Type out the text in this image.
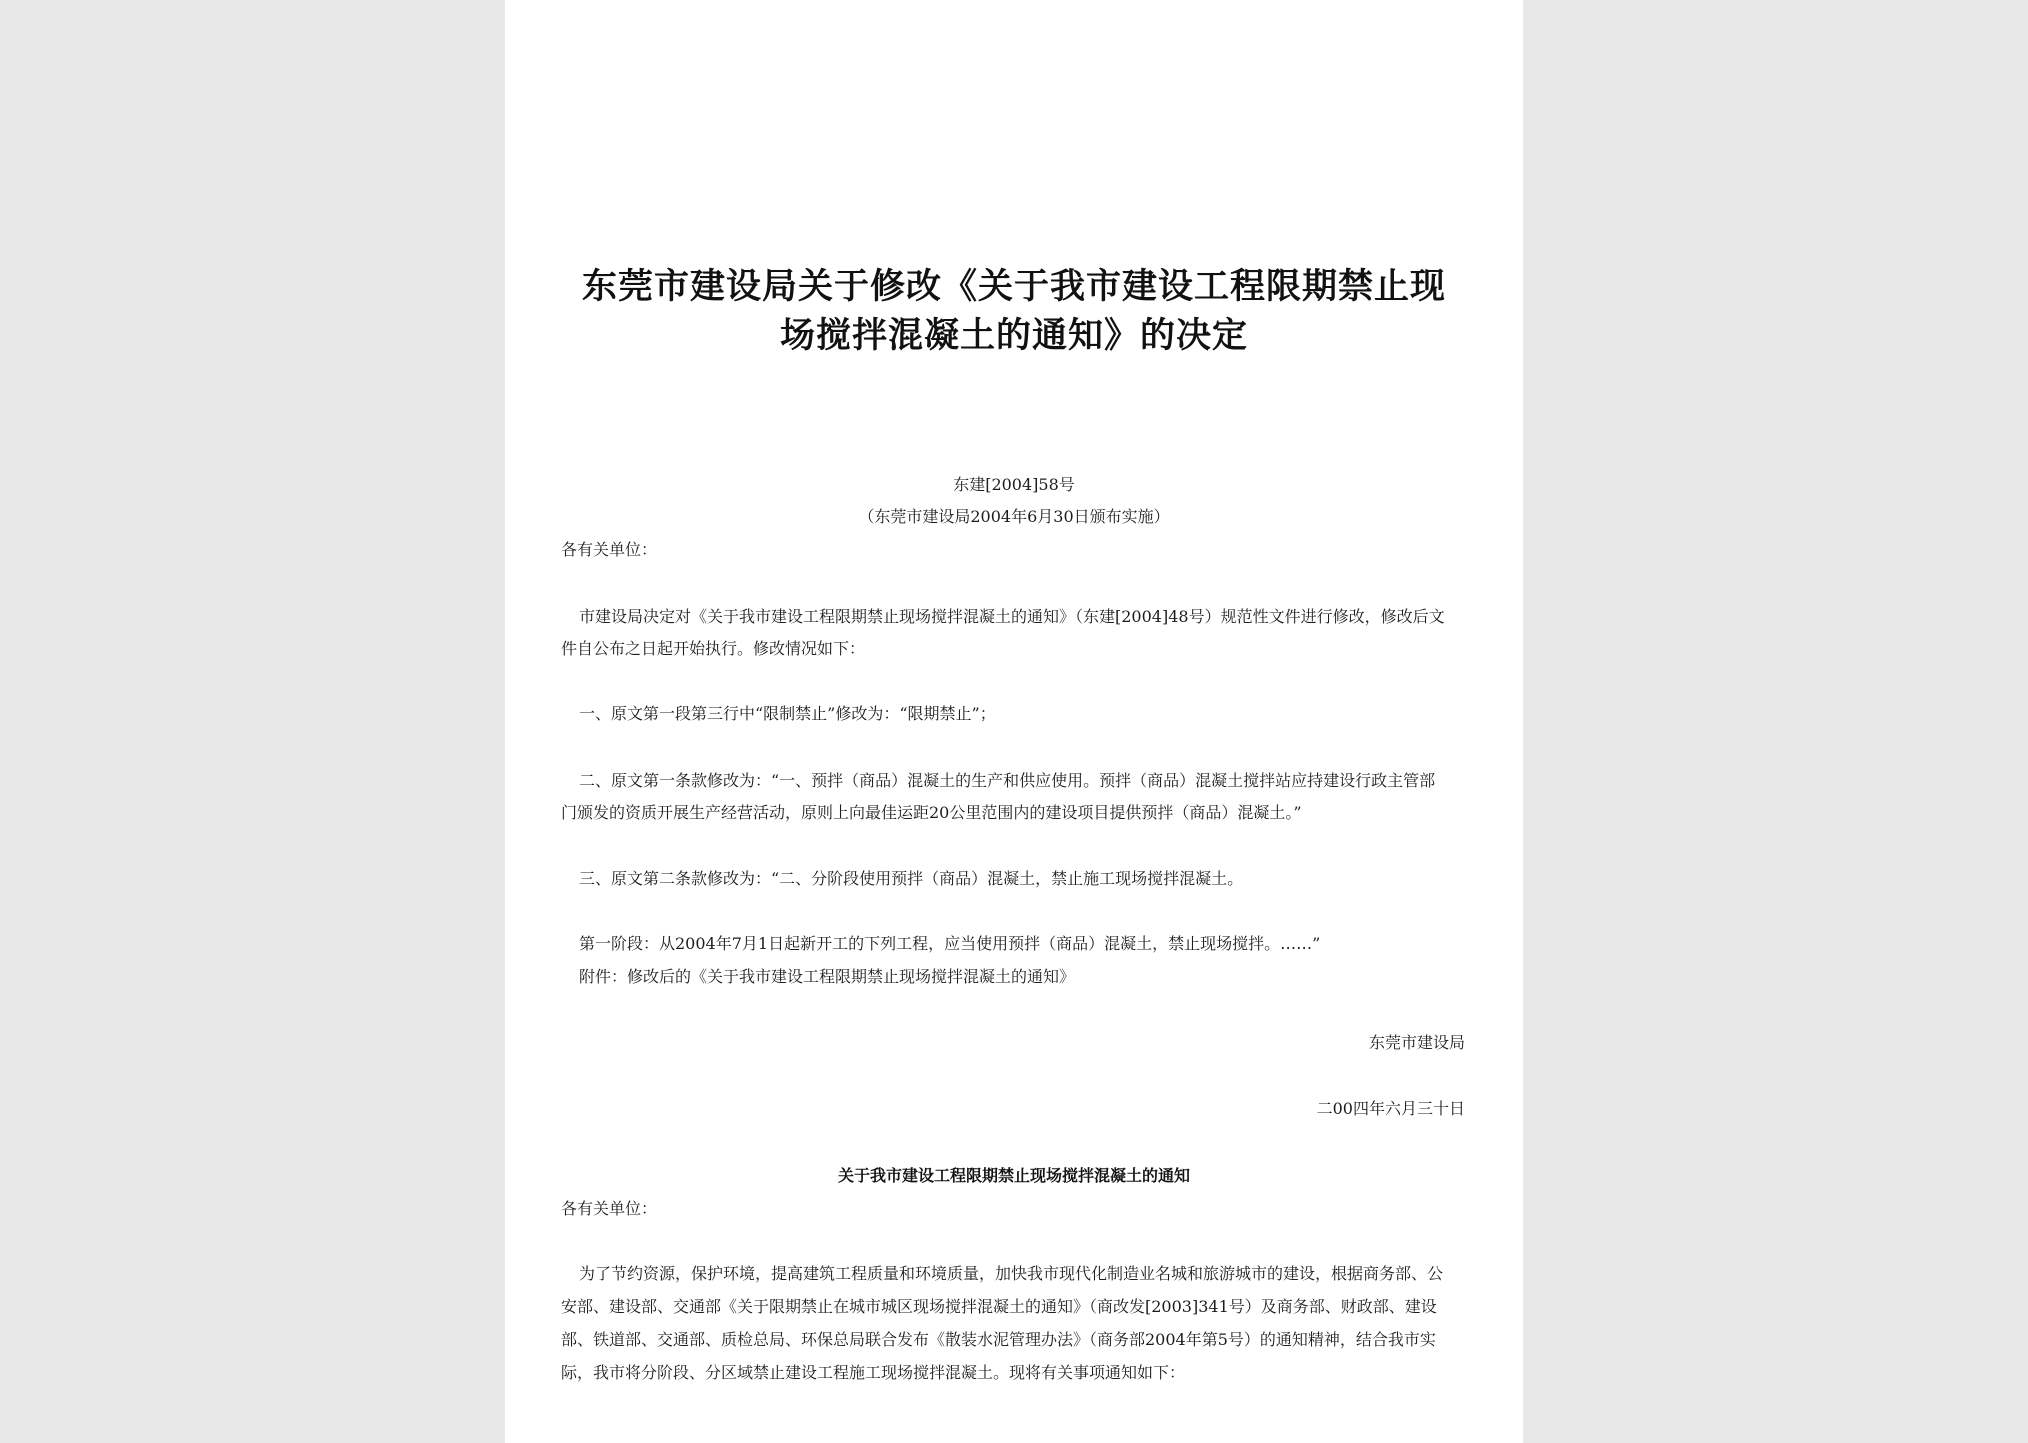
东莞市建设局关于修改《关于我市建设工程限期禁止现
场搅拌混凝土的通知》的决定
东建[2004]58号
（东莞市建设局2004年6月30日颁布实施）
各有关单位：
市建设局决定对《关于我市建设工程限期禁止现场搅拌混凝土的通知》（东建[2004]48号）规范性文件进行修改，修改后文
件自公布之日起开始执行。修改情况如下：
一、原文第一段第三行中“限制禁止”修改为：“限期禁止”；
二、原文第一条款修改为：“一、预拌（商品）混凝土的生产和供应使用。预拌（商品）混凝土搅拌站应持建设行政主管部
门颁发的资质开展生产经营活动，原则上向最佳运距20公里范围内的建设项目提供预拌（商品）混凝土。”
三、原文第二条款修改为：“二、分阶段使用预拌（商品）混凝土，禁止施工现场搅拌混凝土。
第一阶段：从2004年7月1日起新开工的下列工程，应当使用预拌（商品）混凝土，禁止现场搅拌。……”
附件：修改后的《关于我市建设工程限期禁止现场搅拌混凝土的通知》
东莞市建设局
二00四年六月三十日
关于我市建设工程限期禁止现场搅拌混凝土的通知
各有关单位：
为了节约资源，保护环境，提高建筑工程质量和环境质量，加快我市现代化制造业名城和旅游城市的建设，根据商务部、公
安部、建设部、交通部《关于限期禁止在城市城区现场搅拌混凝土的通知》（商改发[2003]341号）及商务部、财政部、建设
部、铁道部、交通部、质检总局、环保总局联合发布《散装水泥管理办法》（商务部2004年第5号）的通知精神，结合我市实
际，我市将分阶段、分区域禁止建设工程施工现场搅拌混凝土。现将有关事项通知如下：
